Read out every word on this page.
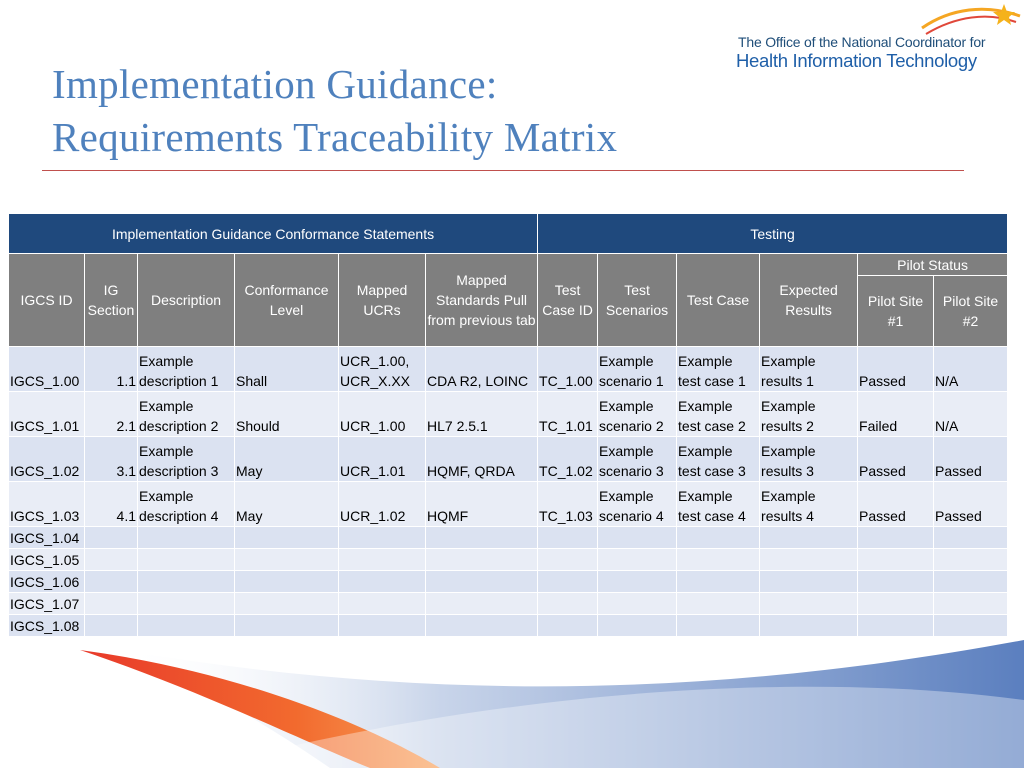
The Office of the National Coordinator for
Health Information Technology
Implementation Guidance:
Requirements Traceability Matrix
Implementation Guidance Conformance Statements						Testing					
IGCS ID	IG Section	Description	Conformance Level	Mapped UCRs	Mapped Standards Pull from previous tab	Test Case ID	Test Scenarios	Test Case	Expected Results	Pilot Status	
										Pilot Site #1	Pilot Site #2
IGCS_1.00	1.1	Example description 1	Shall	UCR_1.00, UCR_X.XX	CDA R2, LOINC	TC_1.00	Example scenario 1	Example test case 1	Example results 1	Passed	N/A
IGCS_1.01	2.1	Example description 2	Should	UCR_1.00	HL7 2.5.1	TC_1.01	Example scenario 2	Example test case 2	Example results 2	Failed	N/A
IGCS_1.02	3.1	Example description 3	May	UCR_1.01	HQMF, QRDA	TC_1.02	Example scenario 3	Example test case 3	Example results 3	Passed	Passed
IGCS_1.03	4.1	Example description 4	May	UCR_1.02	HQMF	TC_1.03	Example scenario 4	Example test case 4	Example results 4	Passed	Passed
IGCS_1.04											
IGCS_1.05											
IGCS_1.06											
IGCS_1.07											
IGCS_1.08											
